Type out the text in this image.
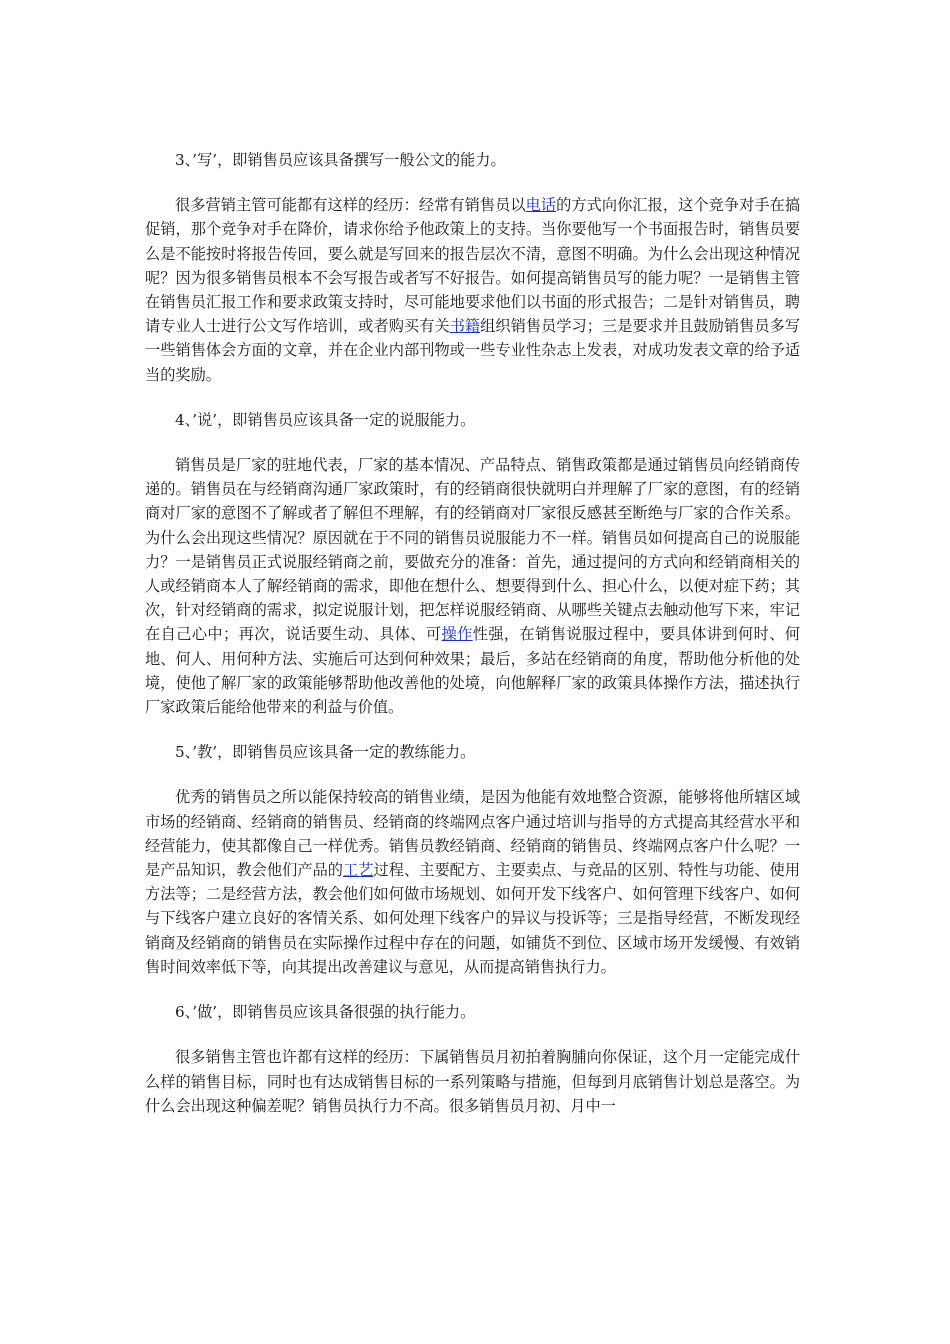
3、’写’，即销售员应该具备撰写一般公文的能力。

很多营销主管可能都有这样的经历：经常有销售员以电话的方式向你汇报，这个竞争对手在搞促销，那个竞争对手在降价，请求你给予他政策上的支持。当你要他写一个书面报告时，销售员要么是不能按时将报告传回，要么就是写回来的报告层次不清，意图不明确。为什么会出现这种情况呢？因为很多销售员根本不会写报告或者写不好报告。如何提高销售员写的能力呢？一是销售主管在销售员汇报工作和要求政策支持时，尽可能地要求他们以书面的形式报告；二是针对销售员，聘请专业人士进行公文写作培训，或者购买有关书籍组织销售员学习；三是要求并且鼓励销售员多写一些销售体会方面的文章，并在企业内部刊物或一些专业性杂志上发表，对成功发表文章的给予适当的奖励。

4、’说’，即销售员应该具备一定的说服能力。

销售员是厂家的驻地代表，厂家的基本情况、产品特点、销售政策都是通过销售员向经销商传递的。销售员在与经销商沟通厂家政策时，有的经销商很快就明白并理解了厂家的意图，有的经销商对厂家的意图不了解或者了解但不理解，有的经销商对厂家很反感甚至断绝与厂家的合作关系。为什么会出现这些情况？原因就在于不同的销售员说服能力不一样。销售员如何提高自己的说服能力？一是销售员正式说服经销商之前，要做充分的准备：首先，通过提问的方式向和经销商相关的人或经销商本人了解经销商的需求，即他在想什么、想要得到什么、担心什么，以便对症下药；其次，针对经销商的需求，拟定说服计划，把怎样说服经销商、从哪些关键点去触动他写下来，牢记在自己心中；再次，说话要生动、具体、可操作性强，在销售说服过程中，要具体讲到何时、何地、何人、用何种方法、实施后可达到何种效果；最后，多站在经销商的角度，帮助他分析他的处境，使他了解厂家的政策能够帮助他改善他的处境，向他解释厂家的政策具体操作方法，描述执行厂家政策后能给他带来的利益与价值。

5、’教’，即销售员应该具备一定的教练能力。

优秀的销售员之所以能保持较高的销售业绩，是因为他能有效地整合资源，能够将他所辖区域市场的经销商、经销商的销售员、经销商的终端网点客户通过培训与指导的方式提高其经营水平和经营能力，使其都像自己一样优秀。销售员教经销商、经销商的销售员、终端网点客户什么呢？一是产品知识，教会他们产品的工艺过程、主要配方、主要卖点、与竞品的区别、特性与功能、使用方法等；二是经营方法，教会他们如何做市场规划、如何开发下线客户、如何管理下线客户、如何与下线客户建立良好的客情关系、如何处理下线客户的异议与投诉等；三是指导经营，不断发现经销商及经销商的销售员在实际操作过程中存在的问题，如铺货不到位、区域市场开发缓慢、有效销售时间效率低下等，向其提出改善建议与意见，从而提高销售执行力。

6、’做’，即销售员应该具备很强的执行能力。

很多销售主管也许都有这样的经历：下属销售员月初拍着胸脯向你保证，这个月一定能完成什么样的销售目标，同时也有达成销售目标的一系列策略与措施，但每到月底销售计划总是落空。为什么会出现这种偏差呢？销售员执行力不高。很多销售员月初、月中一
